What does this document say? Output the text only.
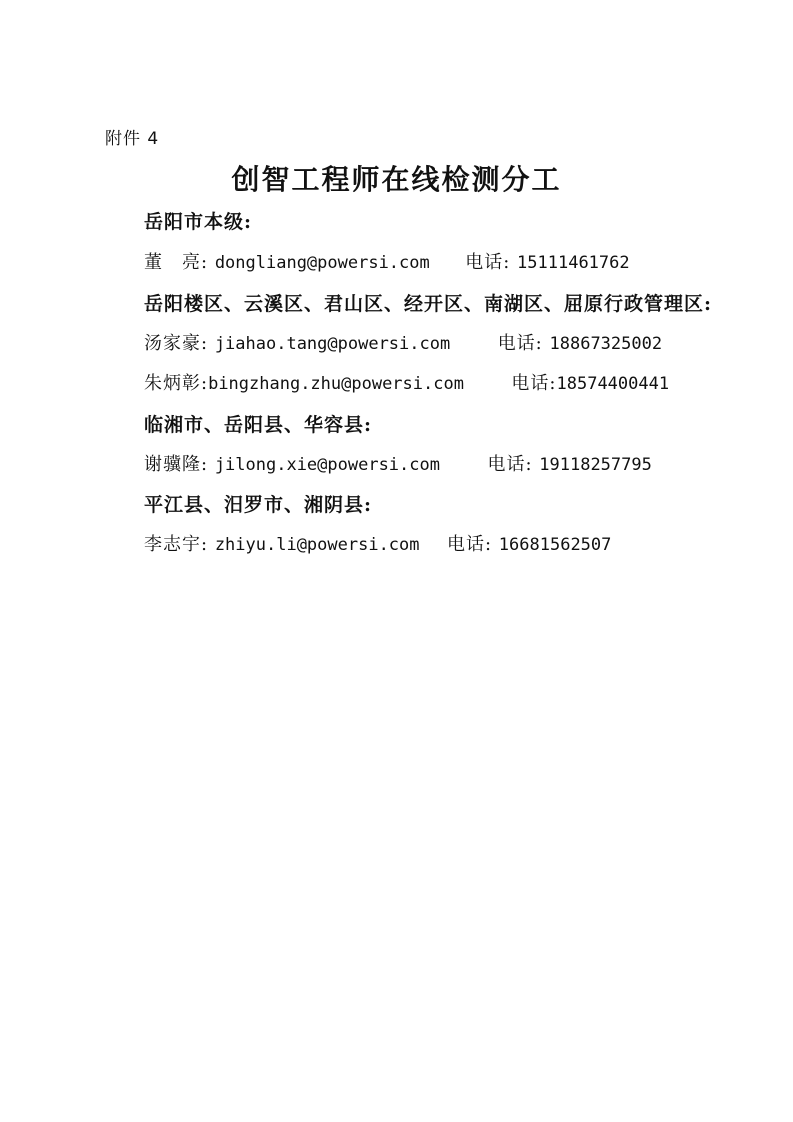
附件 4
创智工程师在线检测分工
岳阳市本级:
董　亮: dongliang@powersi.com 电话: 15111461762
岳阳楼区、云溪区、君山区、经开区、南湖区、屈原行政管理区:
汤家豪: jiahao.tang@powersi.com	电话: 18867325002
朱炳彰:bingzhang.zhu@powersi.com	电话:18574400441
临湘市、岳阳县、华容县:
谢骥隆: jilong.xie@powersi.com	电话: 19118257795
平江县、汨罗市、湘阴县:
李志宇: zhiyu.li@powersi.com 电话: 16681562507
